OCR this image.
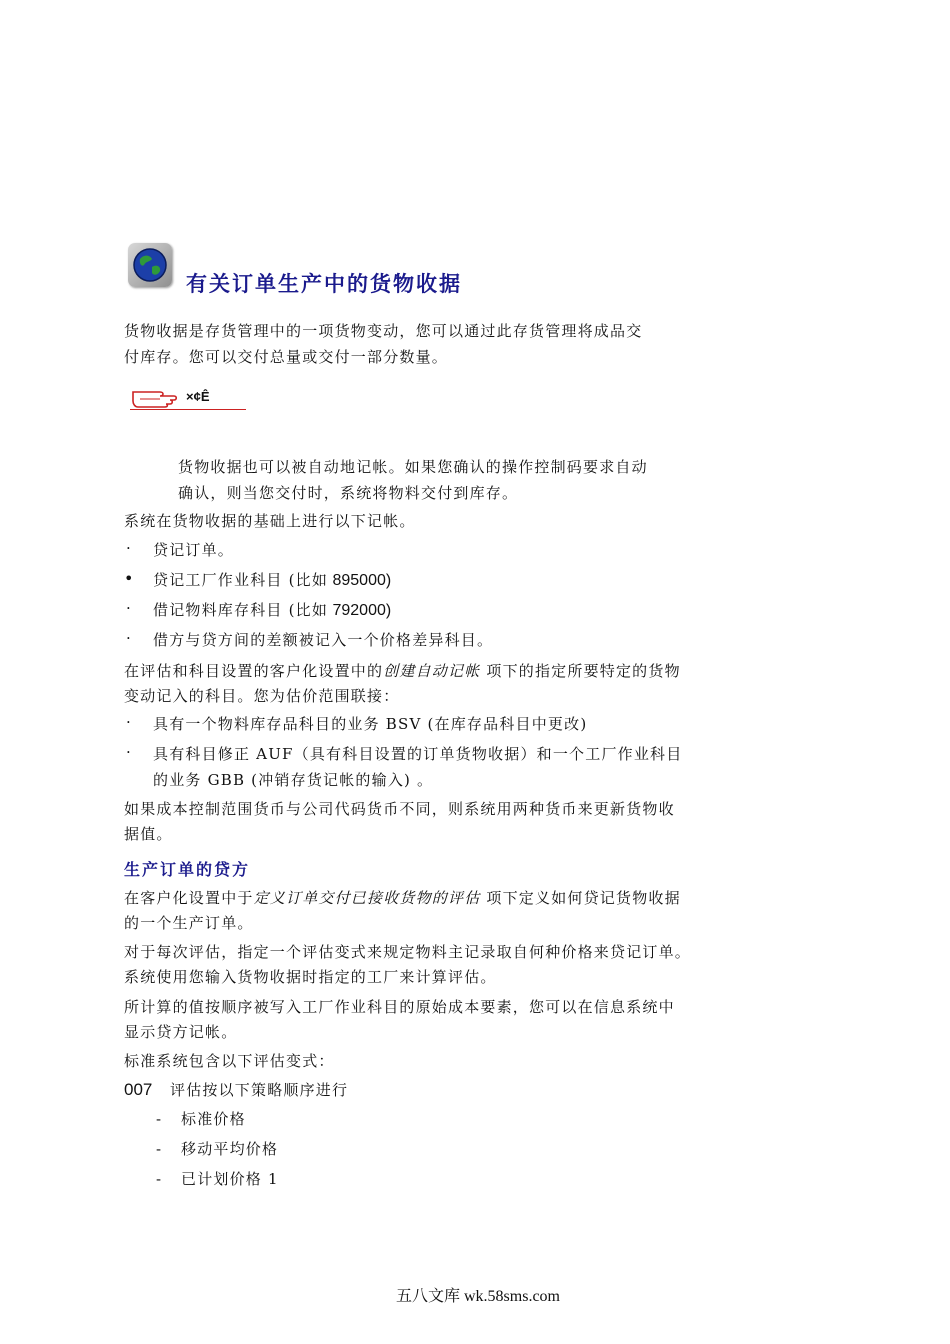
有关订单生产中的货物收据
货物收据是存货管理中的一项货物变动，您可以通过此存货管理将成品交
付库存。您可以交付总量或交付一部分数量。
×¢Ê
货物收据也可以被自动地记帐。如果您确认的操作控制码要求自动
确认，则当您交付时，系统将物料交付到库存。
系统在货物收据的基础上进行以下记帐。
· 贷记订单。
• 贷记工厂作业科目 (比如 895000)
· 借记物料库存科目 (比如 792000)
· 借方与贷方间的差额被记入一个价格差异科目。
在评估和科目设置的客户化设置中的创建自动记帐 项下的指定所要特定的货物
变动记入的科目。您为估价范围联接：
· 具有一个物料库存品科目的业务 BSV (在库存品科目中更改)
· 具有科目修正 AUF（具有科目设置的订单货物收据）和一个工厂作业科目
的业务 GBB (冲销存货记帐的输入) 。
如果成本控制范围货币与公司代码货币不同，则系统用两种货币来更新货物收
据值。
生产订单的贷方
在客户化设置中于定义订单交付已接收货物的评估 项下定义如何贷记货物收据
的一个生产订单。
对于每次评估，指定一个评估变式来规定物料主记录取自何种价格来贷记订单。
系统使用您输入货物收据时指定的工厂来计算评估。
所计算的值按顺序被写入工厂作业科目的原始成本要素，您可以在信息系统中
显示贷方记帐。
标准系统包含以下评估变式：
007 评估按以下策略顺序进行
- 标准价格
- 移动平均价格
- 已计划价格 1
五八文库 wk.58sms.com
